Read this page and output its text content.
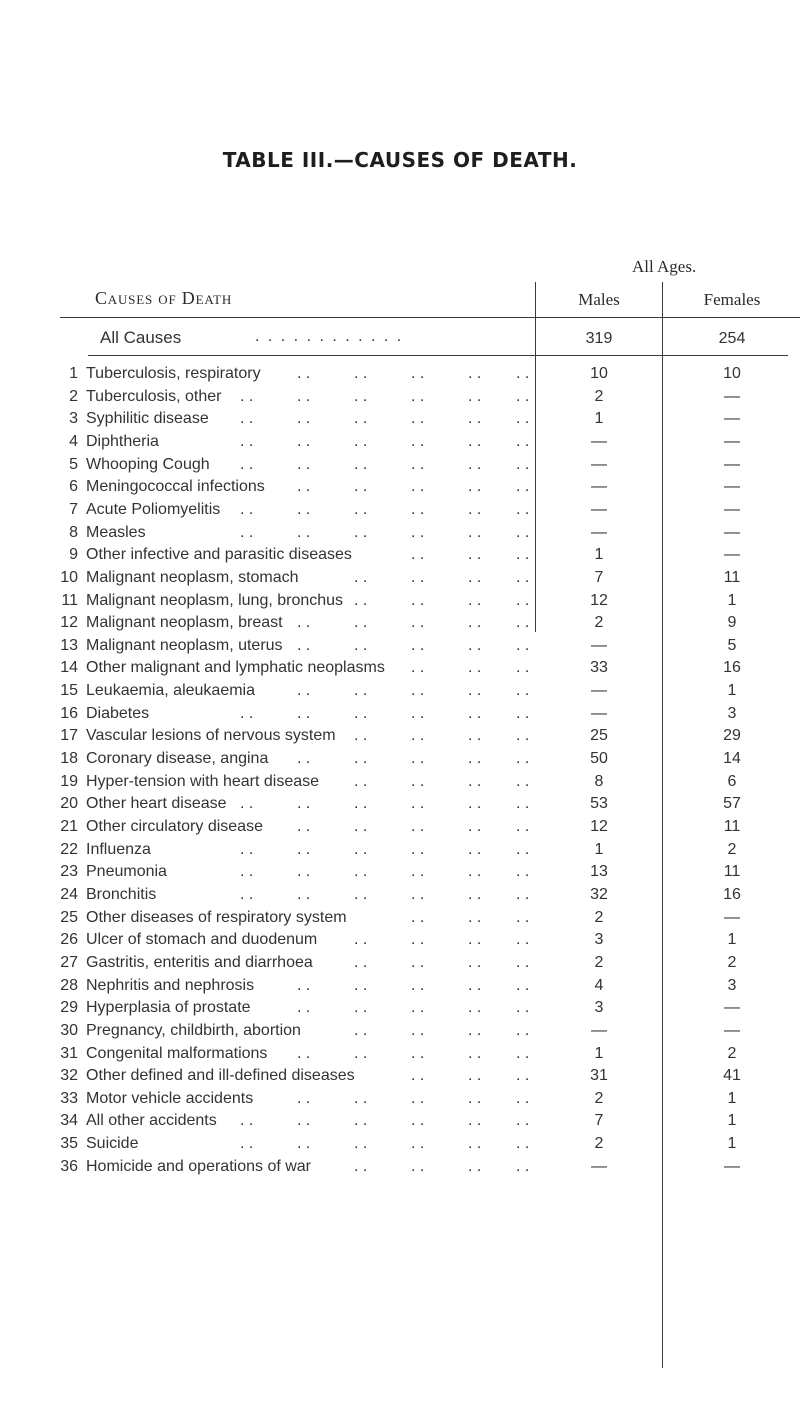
TABLE III.—CAUSES OF DEATH.
All Ages.
Causes of Death	Males	Females
All Causes	. . . . . . . . . . . .	319	254
1 Tuberculosis, respiratory	10	10
. .	. .	. .	. . . .
2 Tuberculosis, other	2	—
. .	. .	. .	. .	. . . .
3 Syphilitic disease	1	—
. .	. .	. .	. .	. . . .
4 Diphtheria	—	—
. .	. .	. .	. .	. . . .
5 Whooping Cough	—	—
. .	. .	. .	. .	. . . .
6 Meningococcal infections	—	—
. .	. .	. .	. . . .
7 Acute Poliomyelitis	—	—
. .	. .	. .	. .	. . . .
8 Measles	—	—
. .	. .	. .	. .	. . . .
9 Other infective and parasitic diseases	1	—
. .	. . . .
10 Malignant neoplasm, stomach	7	11
. .	. .	. . . .
11 Malignant neoplasm, lung, bronchus	12	1
. .	. .	. . . .
12 Malignant neoplasm, breast	2	9
. .	. .	. .	. . . .
13 Malignant neoplasm, uterus	—	5
. .	. .	. .	. . . .
14 Other malignant and lymphatic neoplasms	33	16
. .	. . . .
15 Leukaemia, aleukaemia	—	1
. .	. .	. .	. . . .
16 Diabetes	—	3
. .	. .	. .	. .	. . . .
17 Vascular lesions of nervous system	25	29
. .	. .	. . . .
18 Coronary disease, angina	50	14
. .	. .	. .	. . . .
19 Hyper-tension with heart disease	8	6
. .	. .	. . . .
20 Other heart disease	53	57
. .	. .	. .	. .	. . . .
21 Other circulatory disease	12	11
. .	. .	. .	. . . .
22 Influenza	1	2
. .	. .	. .	. .	. . . .
23 Pneumonia	13	11
. .	. .	. .	. .	. . . .
24 Bronchitis	32	16
. .	. .	. .	. .	. . . .
25 Other diseases of respiratory system	2	—
. .	. . . .
26 Ulcer of stomach and duodenum	3	1
. .	. .	. . . .
27 Gastritis, enteritis and diarrhoea	2	2
. .	. .	. . . .
28 Nephritis and nephrosis	4	3
. .	. .	. .	. . . .
29 Hyperplasia of prostate	3	—
. .	. .	. .	. . . .
30 Pregnancy, childbirth, abortion	—	—
. .	. .	. . . .
31 Congenital malformations	1	2
. .	. .	. .	. . . .
32 Other defined and ill-defined diseases	31	41
. .	. . . .
33 Motor vehicle accidents	2	1
. .	. .	. .	. . . .
34 All other accidents	7	1
. .	. .	. .	. .	. . . .
35 Suicide	2	1
. .	. .	. .	. .	. . . .
36 Homicide and operations of war	—	—
. .	. .	. . . .
